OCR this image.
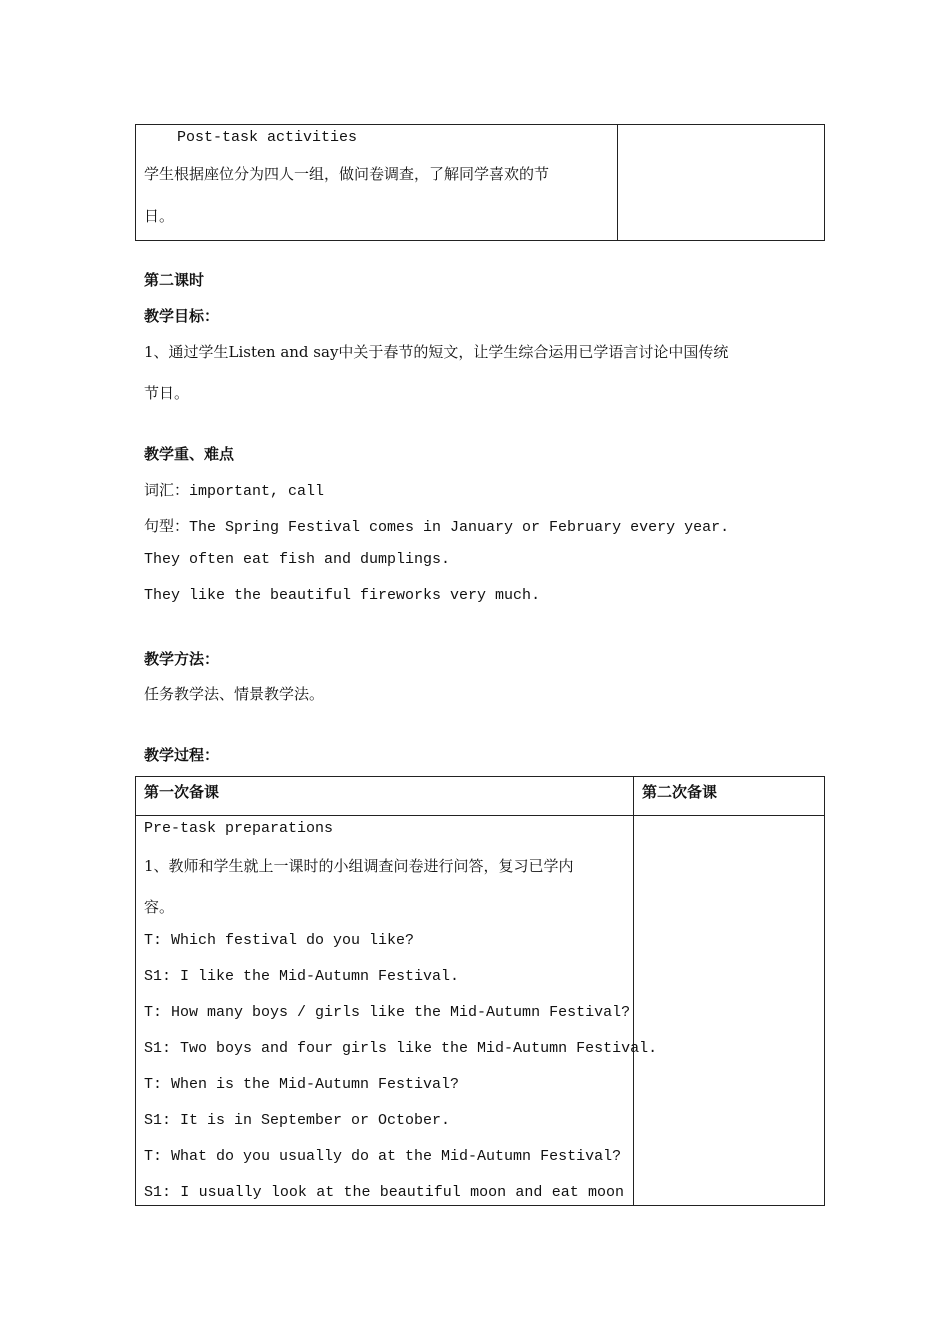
Post-task activities
学生根据座位分为四人一组，做问卷调查，了解同学喜欢的节
日。
第二课时
教学目标：
1、通过学生Listen and say中关于春节的短文，让学生综合运用已学语言讨论中国传统
节日。
教学重、难点
词汇：important, call
句型：The Spring Festival comes in January or February every year.
They often eat fish and dumplings.
They like the beautiful fireworks very much.
教学方法：
任务教学法、情景教学法。
教学过程：
第一次备课	第二次备课
Pre-task preparations
1、教师和学生就上一课时的小组调查问卷进行问答，复习已学内
容。
T: Which festival do you like?
S1: I like the Mid-Autumn Festival.
T: How many boys / girls like the Mid-Autumn Festival?
S1: Two boys and four girls like the Mid-Autumn Festival.
T: When is the Mid-Autumn Festival?
S1: It is in September or October.
T: What do you usually do at the Mid-Autumn Festival?
S1: I usually look at the beautiful moon and eat moon
